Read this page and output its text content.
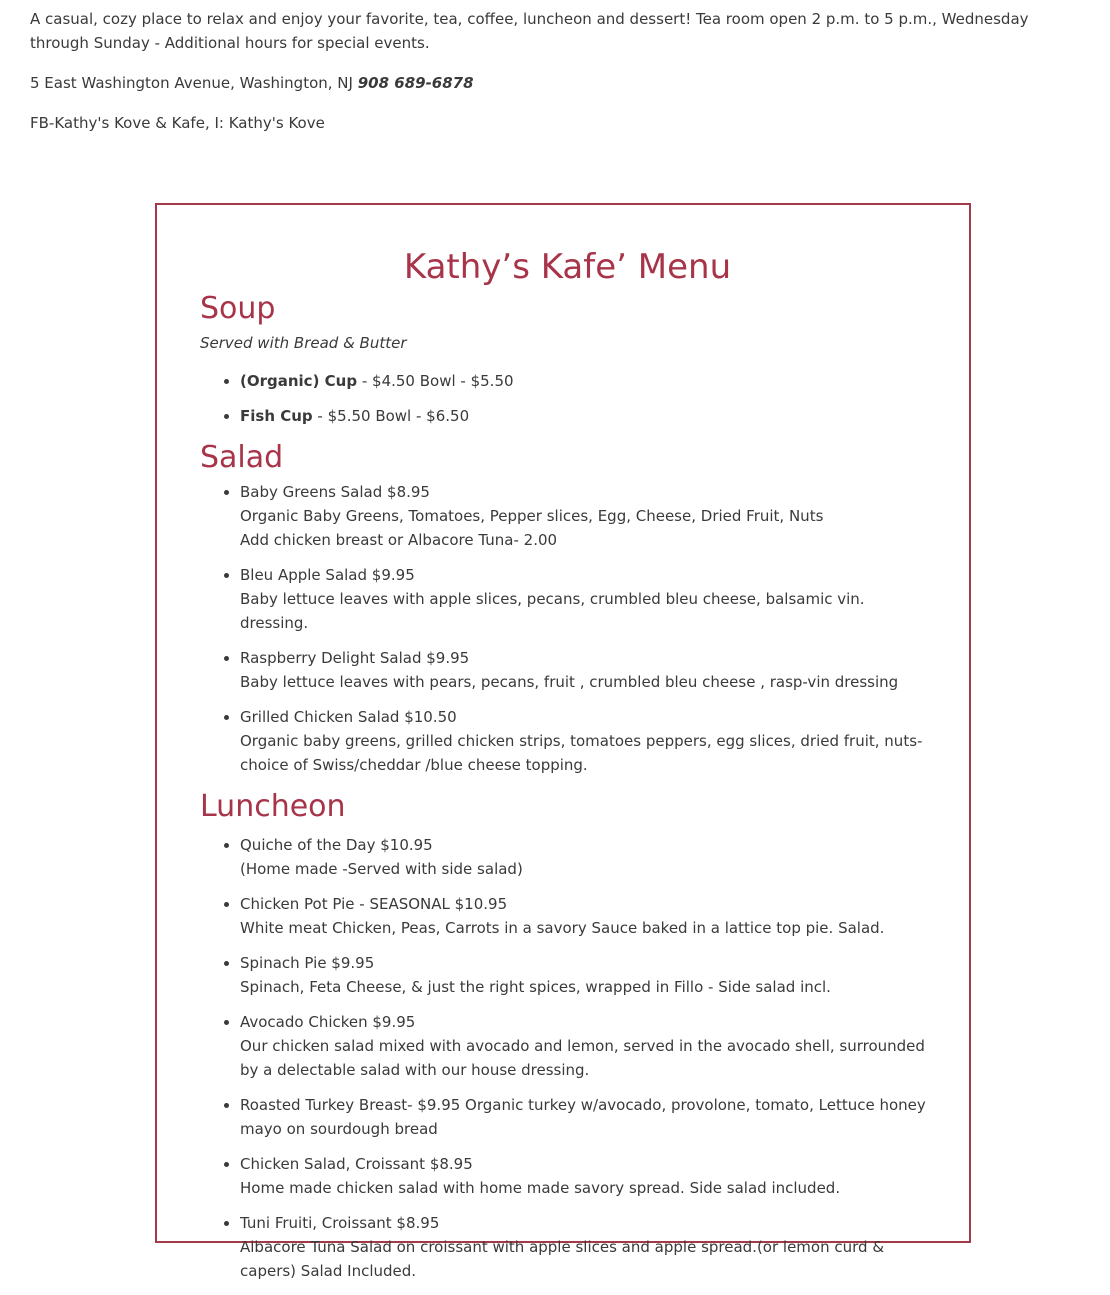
A casual, cozy place to relax and enjoy your favorite, tea, coffee, luncheon and dessert! Tea room open 2 p.m. to 5 p.m., Wednesday through Sunday - Additional hours for special events.

5 East Washington Avenue, Washington, NJ 908 689-6878

FB-Kathy's Kove & Kafe, I: Kathy's Kove

Kathy’s Kafe’ Menu
Soup
Served with Bread & Butter
• (Organic) Cup - $4.50 Bowl - $5.50
• Fish Cup - $5.50 Bowl - $6.50
Salad
• Baby Greens Salad $8.95
Organic Baby Greens, Tomatoes, Pepper slices, Egg, Cheese, Dried Fruit, Nuts
Add chicken breast or Albacore Tuna- 2.00
• Bleu Apple Salad $9.95
Baby lettuce leaves with apple slices, pecans, crumbled bleu cheese, balsamic vin. dressing.
• Raspberry Delight Salad $9.95
Baby lettuce leaves with pears, pecans, fruit , crumbled bleu cheese , rasp-vin dressing
• Grilled Chicken Salad $10.50
Organic baby greens, grilled chicken strips, tomatoes peppers, egg slices, dried fruit, nuts- choice of Swiss/cheddar /blue cheese topping.
Luncheon
• Quiche of the Day $10.95
(Home made -Served with side salad)
• Chicken Pot Pie - SEASONAL $10.95
White meat Chicken, Peas, Carrots in a savory Sauce baked in a lattice top pie. Salad.
• Spinach Pie $9.95
Spinach, Feta Cheese, & just the right spices, wrapped in Fillo - Side salad incl.
• Avocado Chicken $9.95
Our chicken salad mixed with avocado and lemon, served in the avocado shell, surrounded by a delectable salad with our house dressing.
• Roasted Turkey Breast- $9.95 Organic turkey w/avocado, provolone, tomato, Lettuce honey mayo on sourdough bread
• Chicken Salad, Croissant $8.95
Home made chicken salad with home made savory spread. Side salad included.
• Tuni Fruiti, Croissant $8.95
Albacore Tuna Salad on croissant with apple slices and apple spread.(or lemon curd & capers) Salad Included.
